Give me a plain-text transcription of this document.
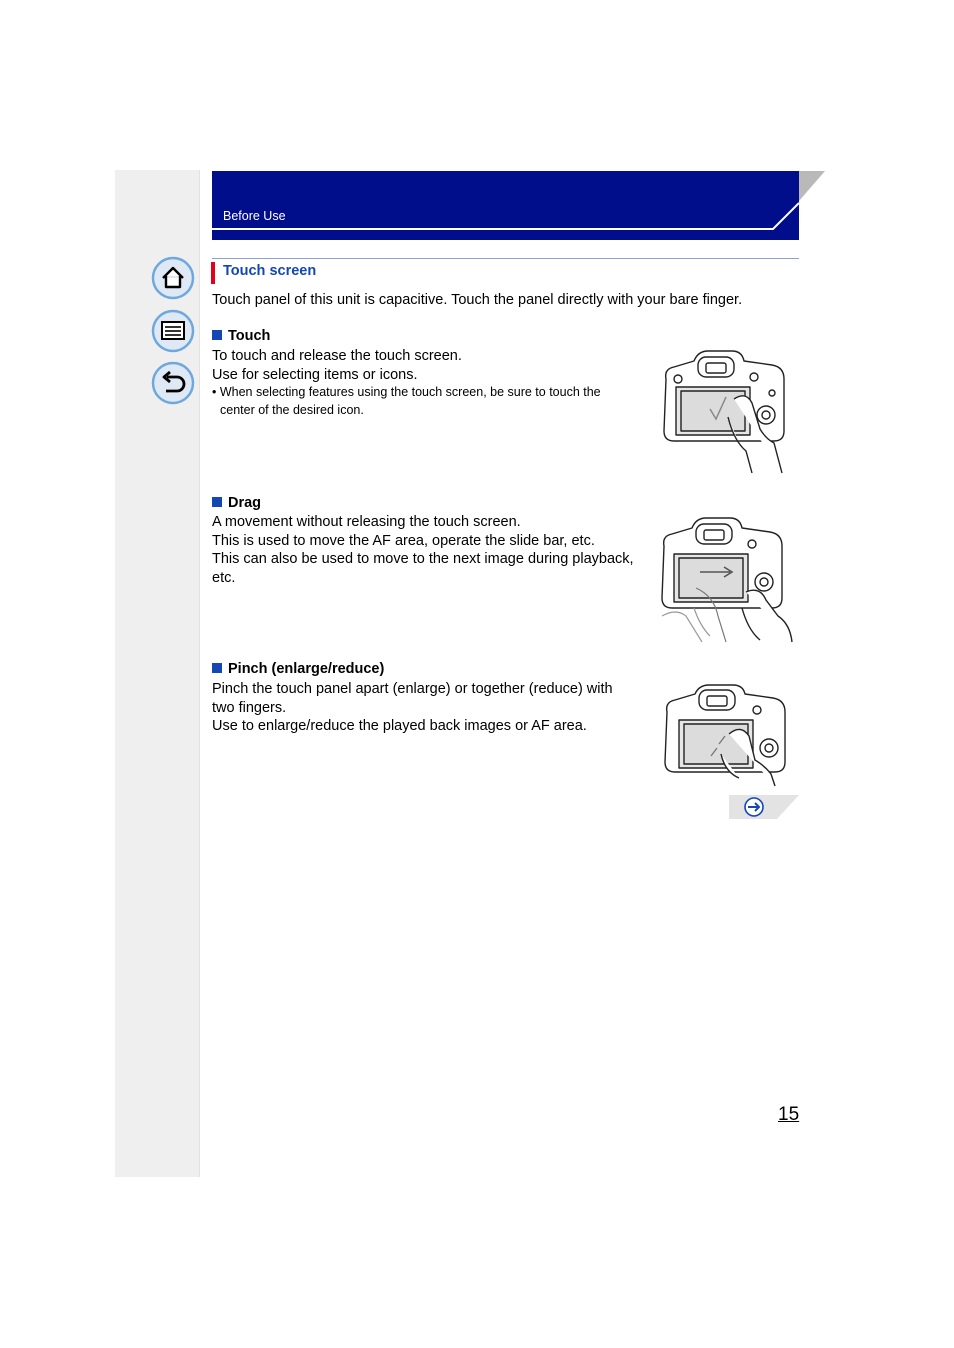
Before Use
Touch screen
Touch panel of this unit is capacitive. Touch the panel directly with your bare finger.
Touch
To touch and release the touch screen.
Use for selecting items or icons.
• When selecting features using the touch screen, be sure to touch the
center of the desired icon.
Drag
A movement without releasing the touch screen.
This is used to move the AF area, operate the slide bar, etc.
This can also be used to move to the next image during playback,
etc.
Pinch (enlarge/reduce)
Pinch the touch panel apart (enlarge) or together (reduce) with
two fingers.
Use to enlarge/reduce the played back images or AF area.
15
